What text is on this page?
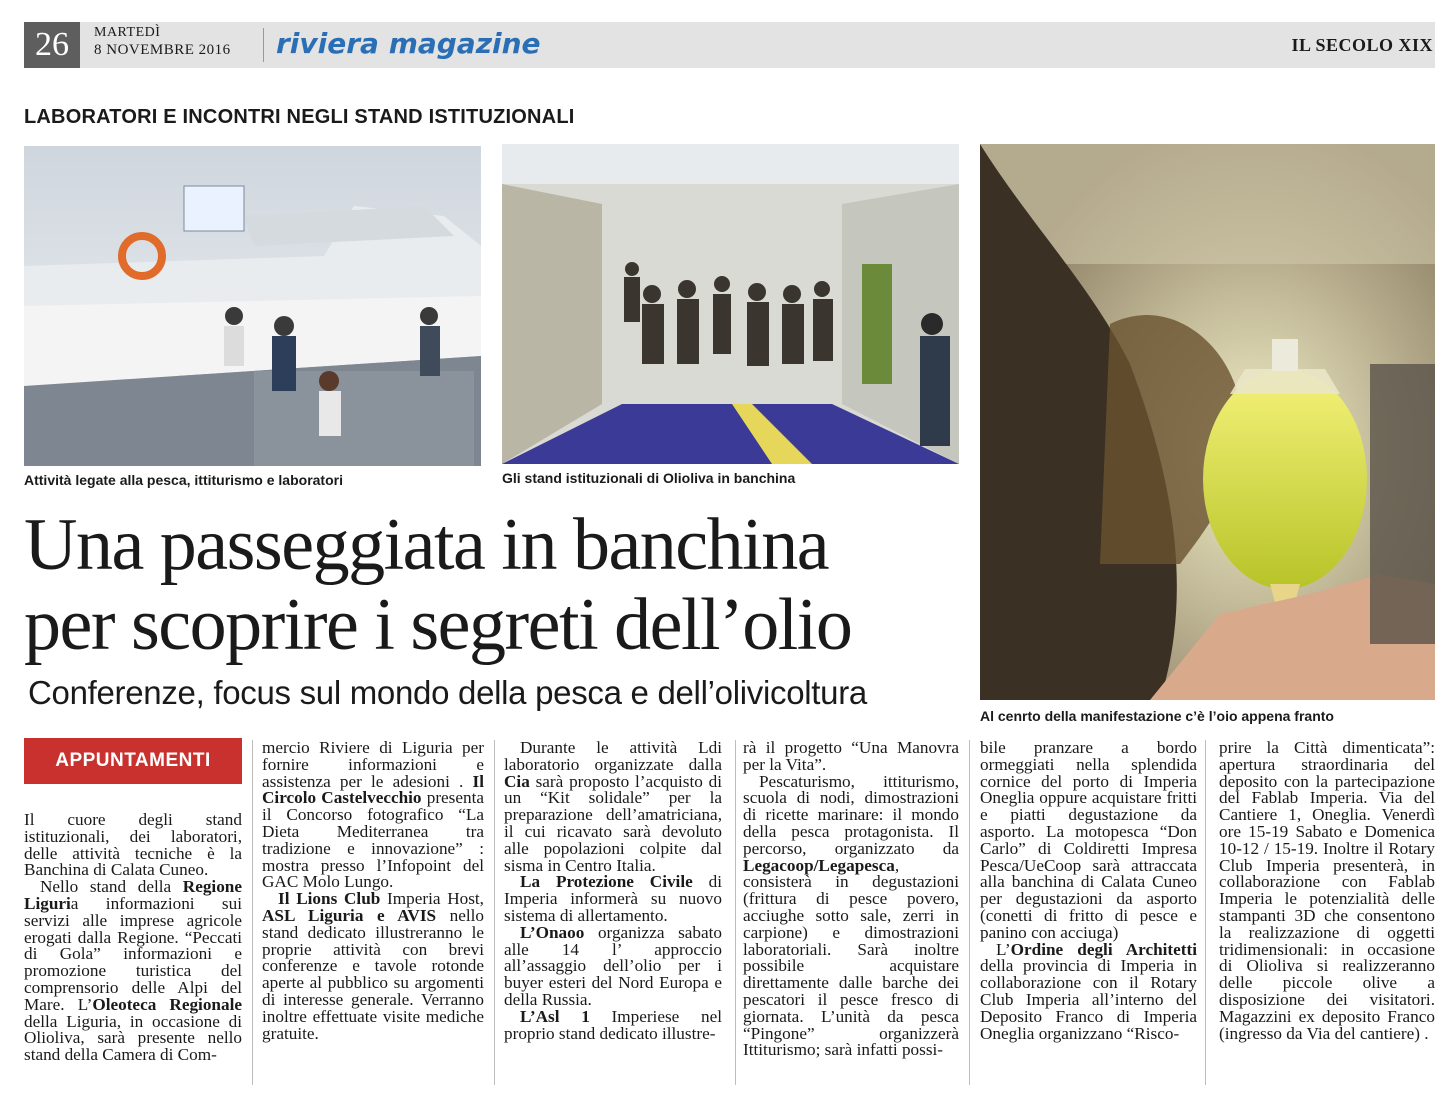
26	MARTEDÌ
8 NOVEMBRE 2016 riviera magazine	IL SECOLO XIX
LABORATORI E INCONTRI NEGLI STAND ISTITUZIONALI
Attività legate alla pesca, ittiturismo e laboratori	Gli stand istituzionali di Olioliva in banchina
Al cenrto della manifestazione c’è l’oio appena franto
Una passeggiata in banchina
per scoprire i segreti dell’olio
Conferenze, focus sul mondo della pesca e dell’olivicoltura
APPUNTAMENTI

Il cuore degli stand istituzionali, dei laboratori, delle attività tecniche è la Banchina di Calata Cuneo.

Nello stand della Regione Liguria informazioni sui servizi alle imprese agricole erogati dalla Regione. “Peccati di Gola” informazioni e promozione turistica del comprensorio delle Alpi del Mare. L’Oleoteca Regionale della Liguria, in occasione di Olioliva, sarà presente nello stand della Camera di Com-

mercio Riviere di Liguria per fornire informazioni e assistenza per le adesioni . Il Circolo Castelvecchio presenta il Concorso fotografico “La Dieta Mediterranea tra tradizione e innovazione” : mostra presso l’Infopoint del GAC Molo Lungo.

Il Lions Club Imperia Host, ASL Liguria e AVIS nello stand dedicato illustreranno le proprie attività con brevi conferenze e tavole rotonde aperte al pubblico su argomenti di interesse generale. Verranno inoltre effettuate visite mediche gratuite.

Durante le attività Ldi laboratorio organizzate dalla Cia sarà proposto l’acquisto di un “Kit solidale” per la preparazione dell’amatriciana, il cui ricavato sarà devoluto alle popolazioni colpite dal sisma in Centro Italia.

La Protezione Civile di Imperia informerà su nuovo sistema di allertamento.

L’Onaoo organizza sabato alle 14 l’ approccio all’assaggio dell’olio per i buyer esteri del Nord Europa e della Russia.

L’Asl 1 Imperiese nel proprio stand dedicato illustre-

rà il progetto “Una Manovra per la Vita”.

Pescaturismo, ittiturismo, scuola di nodi, dimostrazioni di ricette marinare: il mondo della pesca protagonista. Il percorso, organizzato da Legacoop/Legapesca, consisterà in degustazioni (frittura di pesce povero, acciughe sotto sale, zerri in carpione) e dimostrazioni laboratoriali. Sarà inoltre possibile acquistare direttamente dalle barche dei pescatori il pesce fresco di giornata. L’unità da pesca “Pingone” organizzerà Ittiturismo; sarà infatti possi-

bile pranzare a bordo ormeggiati nella splendida cornice del porto di Imperia Oneglia oppure acquistare fritti e piatti degustazione da asporto. La motopesca “Don Carlo” di Coldiretti Impresa Pesca/UeCoop sarà attraccata alla banchina di Calata Cuneo per degustazioni da asporto (conetti di fritto di pesce e panino con acciuga)

L’Ordine degli Architetti della provincia di Imperia in collaborazione con il Rotary Club Imperia all’interno del Deposito Franco di Imperia Oneglia organizzano “Risco-

prire la Città dimenticata”: apertura straordinaria del deposito con la partecipazione del Fablab Imperia. Via del Cantiere 1, Oneglia. Venerdì ore 15-19 Sabato e Domenica 10-12 / 15-19. Inoltre il Rotary Club Imperia presenterà, in collaborazione con Fablab Imperia le potenzialità delle stampanti 3D che consentono la realizzazione di oggetti tridimensionali: in occasione di Olioliva si realizzeranno delle piccole olive a disposizione dei visitatori. Magazzini ex deposito Franco (ingresso da Via del cantiere) .
